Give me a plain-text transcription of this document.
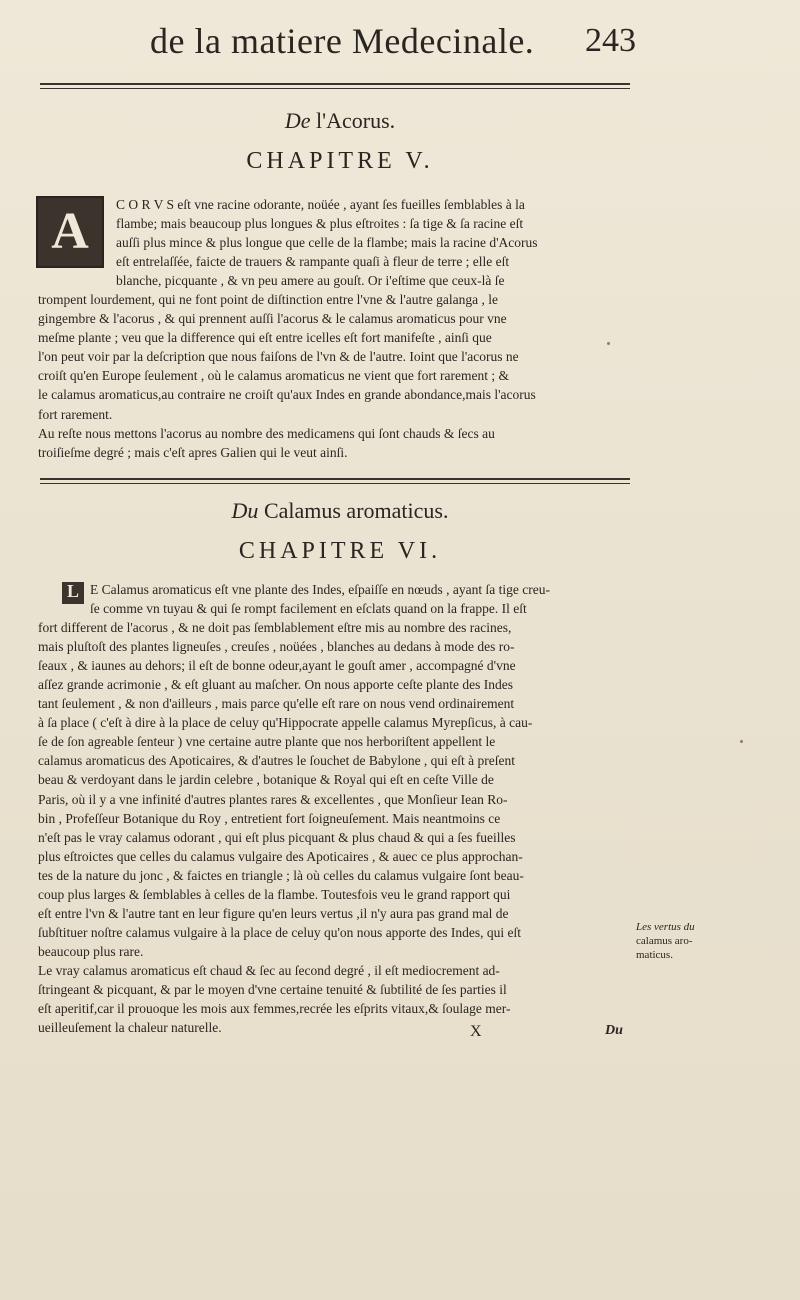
de la matiere Medecinale. 243
De l'Acorus.
CHAPITRE V.
A	C O R V S eſt vne racine odorante, noüée , ayant ſes fueilles ſemblables à la
flambe; mais beaucoup plus longues & plus eſtroites : ſa tige & ſa racine eſt
auſſi plus mince & plus longue que celle de la flambe; mais la racine d'Acorus
eſt entrelaſſée, faicte de trauers & rampante quaſi à fleur de terre ; elle eſt
blanche, picquante , & vn peu amere au gouſt. Or i'eſtime que ceux-là ſe
trompent lourdement, qui ne font point de diſtinction entre l'vne & l'autre galanga , le
gingembre & l'acorus , & qui prennent auſſi l'acorus & le calamus aromaticus pour vne
meſme plante ; veu que la difference qui eſt entre icelles eſt fort manifeſte , ainſi que
l'on peut voir par la deſcription que nous faiſons de l'vn & de l'autre. Ioint que l'acorus ne
croiſt qu'en Europe ſeulement , où le calamus aromaticus ne vient que fort rarement ; &
le calamus aromaticus,au contraire ne croiſt qu'aux Indes en grande abondance,mais l'acorus
fort rarement.
Au reſte nous mettons l'acorus au nombre des medicamens qui ſont chauds & ſecs au
troiſieſme degré ; mais c'eſt apres Galien qui le veut ainſi.
Du Calamus aromaticus.
CHAPITRE VI.
L E Calamus aromaticus eſt vne plante des Indes, eſpaiſſe en nœuds , ayant ſa tige creu-
ſe comme vn tuyau & qui ſe rompt facilement en eſclats quand on la frappe. Il eſt
fort different de l'acorus , & ne doit pas ſemblablement eſtre mis au nombre des racines,
mais pluſtoſt des plantes ligneuſes , creuſes , noüées , blanches au dedans à mode des ro-
ſeaux , & iaunes au dehors; il eſt de bonne odeur,ayant le gouſt amer , accompagné d'vne
aſſez grande acrimonie , & eſt gluant au maſcher. On nous apporte ceſte plante des Indes
tant ſeulement , & non d'ailleurs , mais parce qu'elle eſt rare on nous vend ordinairement
à ſa place ( c'eſt à dire à la place de celuy qu'Hippocrate appelle calamus Myrepſicus, à cau-
ſe de ſon agreable ſenteur ) vne certaine autre plante que nos herboriſtent appellent le
calamus aromaticus des Apoticaires, & d'autres le ſouchet de Babylone , qui eſt à preſent
beau & verdoyant dans le jardin celebre , botanique & Royal qui eſt en ceſte Ville de
Paris, où il y a vne infinité d'autres plantes rares & excellentes , que Monſieur Iean Ro-
bin , Profeſſeur Botanique du Roy , entretient fort ſoigneuſement. Mais neantmoins ce
n'eſt pas le vray calamus odorant , qui eſt plus picquant & plus chaud & qui a ſes fueilles
plus eſtroictes que celles du calamus vulgaire des Apoticaires , & auec ce plus approchan-
tes de la nature du jonc , & faictes en triangle ; là où celles du calamus vulgaire ſont beau-
coup plus larges & ſemblables à celles de la flambe. Toutesfois veu le grand rapport qui
eſt entre l'vn & l'autre tant en leur figure qu'en leurs vertus ,il n'y aura pas grand mal de
ſubſtituer noſtre calamus vulgaire à la place de celuy qu'on nous apporte des Indes, qui eſt
beaucoup plus rare.
Le vray calamus aromaticus eſt chaud & ſec au ſecond degré , il eſt mediocrement ad-
ſtringeant & picquant, & par le moyen d'vne certaine tenuité & ſubtilité de ſes parties il
eſt aperitif,car il prouoque les mois aux femmes,recrée les eſprits vitaux,& ſoulage mer-
ueilleuſement la chaleur naturelle.
Les vertus du
calamus aro-
maticus.
X	Du
